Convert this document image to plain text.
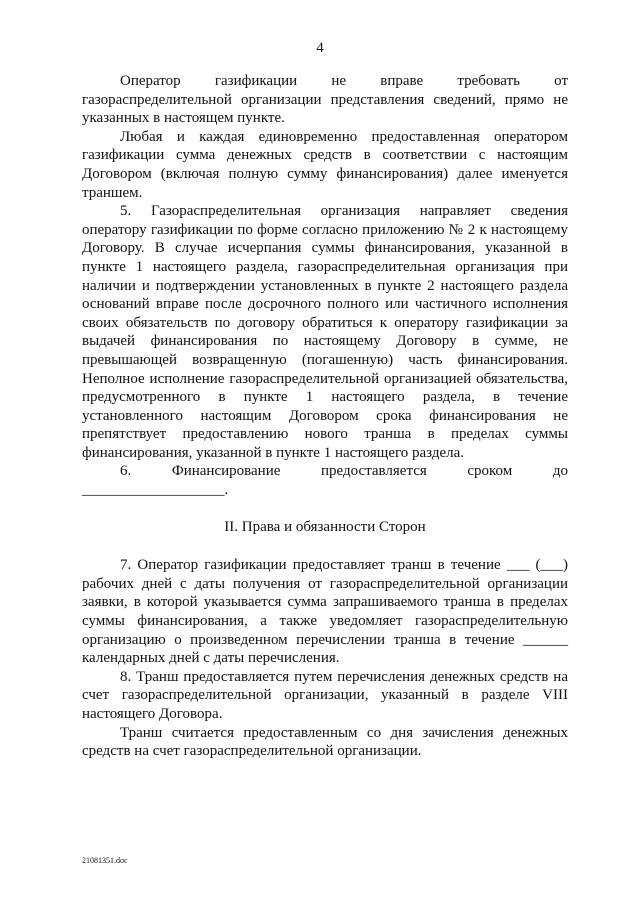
4

Оператор газификации не вправе требовать от газораспределительной организации представления сведений, прямо не указанных в настоящем пункте.

Любая и каждая единовременно предоставленная оператором газификации сумма денежных средств в соответствии с настоящим Договором (включая полную сумму финансирования) далее именуется траншем.

5. Газораспределительная организация направляет сведения оператору газификации по форме согласно приложению № 2 к настоящему Договору. В случае исчерпания суммы финансирования, указанной в пункте 1 настоящего раздела, газораспределительная организация при наличии и подтверждении установленных в пункте 2 настоящего раздела оснований вправе после досрочного полного или частичного исполнения своих обязательств по договору обратиться к оператору газификации за выдачей финансирования по настоящему Договору в сумме, не превышающей возвращенную (погашенную) часть финансирования. Неполное исполнение газораспределительной организацией обязательства, предусмотренного в пункте 1 настоящего раздела, в течение установленного настоящим Договором срока финансирования не препятствует предоставлению нового транша в пределах суммы финансирования, указанной в пункте 1 настоящего раздела.

6. Финансирование предоставляется сроком до ___________________.

II. Права и обязанности Сторон

7. Оператор газификации предоставляет транш в течение ___ (___) рабочих дней с даты получения от газораспределительной организации заявки, в которой указывается сумма запрашиваемого транша в пределах суммы финансирования, а также уведомляет газораспределительную организацию о произведенном перечислении транша в течение ______ календарных дней с даты перечисления.

8. Транш предоставляется путем перечисления денежных средств на счет газораспределительной организации, указанный в разделе VIII настоящего Договора.

Транш считается предоставленным со дня зачисления денежных средств на счет газораспределительной организации.

21081351.doc
